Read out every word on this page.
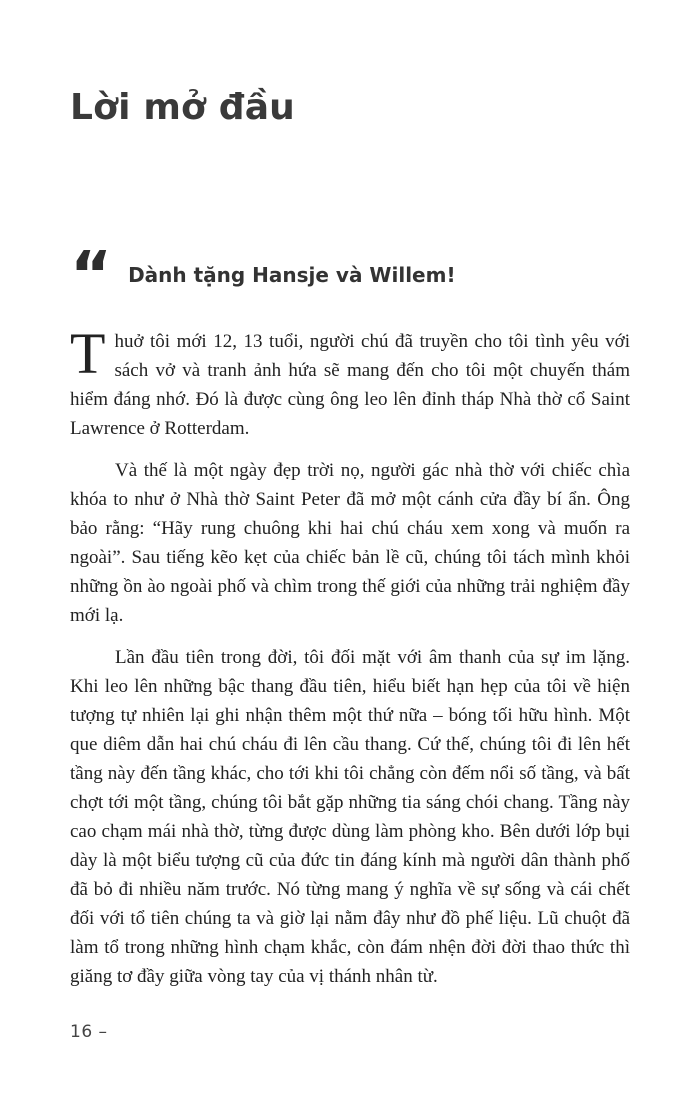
Lời mở đầu
“ Dành tặng Hansje và Willem!

Thuở tôi mới 12, 13 tuổi, người chú đã truyền cho tôi tình yêu với sách vở và tranh ảnh hứa sẽ mang đến cho tôi một chuyến thám hiểm đáng nhớ. Đó là được cùng ông leo lên đỉnh tháp Nhà thờ cổ Saint Lawrence ở Rotterdam.

Và thế là một ngày đẹp trời nọ, người gác nhà thờ với chiếc chìa khóa to như ở Nhà thờ Saint Peter đã mở một cánh cửa đầy bí ẩn. Ông bảo rằng: “Hãy rung chuông khi hai chú cháu xem xong và muốn ra ngoài”. Sau tiếng kẽo kẹt của chiếc bản lề cũ, chúng tôi tách mình khỏi những ồn ào ngoài phố và chìm trong thế giới của những trải nghiệm đầy mới lạ.

Lần đầu tiên trong đời, tôi đối mặt với âm thanh của sự im lặng. Khi leo lên những bậc thang đầu tiên, hiểu biết hạn hẹp của tôi về hiện tượng tự nhiên lại ghi nhận thêm một thứ nữa – bóng tối hữu hình. Một que diêm dẫn hai chú cháu đi lên cầu thang. Cứ thế, chúng tôi đi lên hết tầng này đến tầng khác, cho tới khi tôi chẳng còn đếm nổi số tầng, và bất chợt tới một tầng, chúng tôi bắt gặp những tia sáng chói chang. Tầng này cao chạm mái nhà thờ, từng được dùng làm phòng kho. Bên dưới lớp bụi dày là một biểu tượng cũ của đức tin đáng kính mà người dân thành phố đã bỏ đi nhiều năm trước. Nó từng mang ý nghĩa về sự sống và cái chết đối với tổ tiên chúng ta và giờ lại nằm đây như đồ phế liệu. Lũ chuột đã làm tổ trong những hình chạm khắc, còn đám nhện đời đời thao thức thì giăng tơ đầy giữa vòng tay của vị thánh nhân từ.

16 –
